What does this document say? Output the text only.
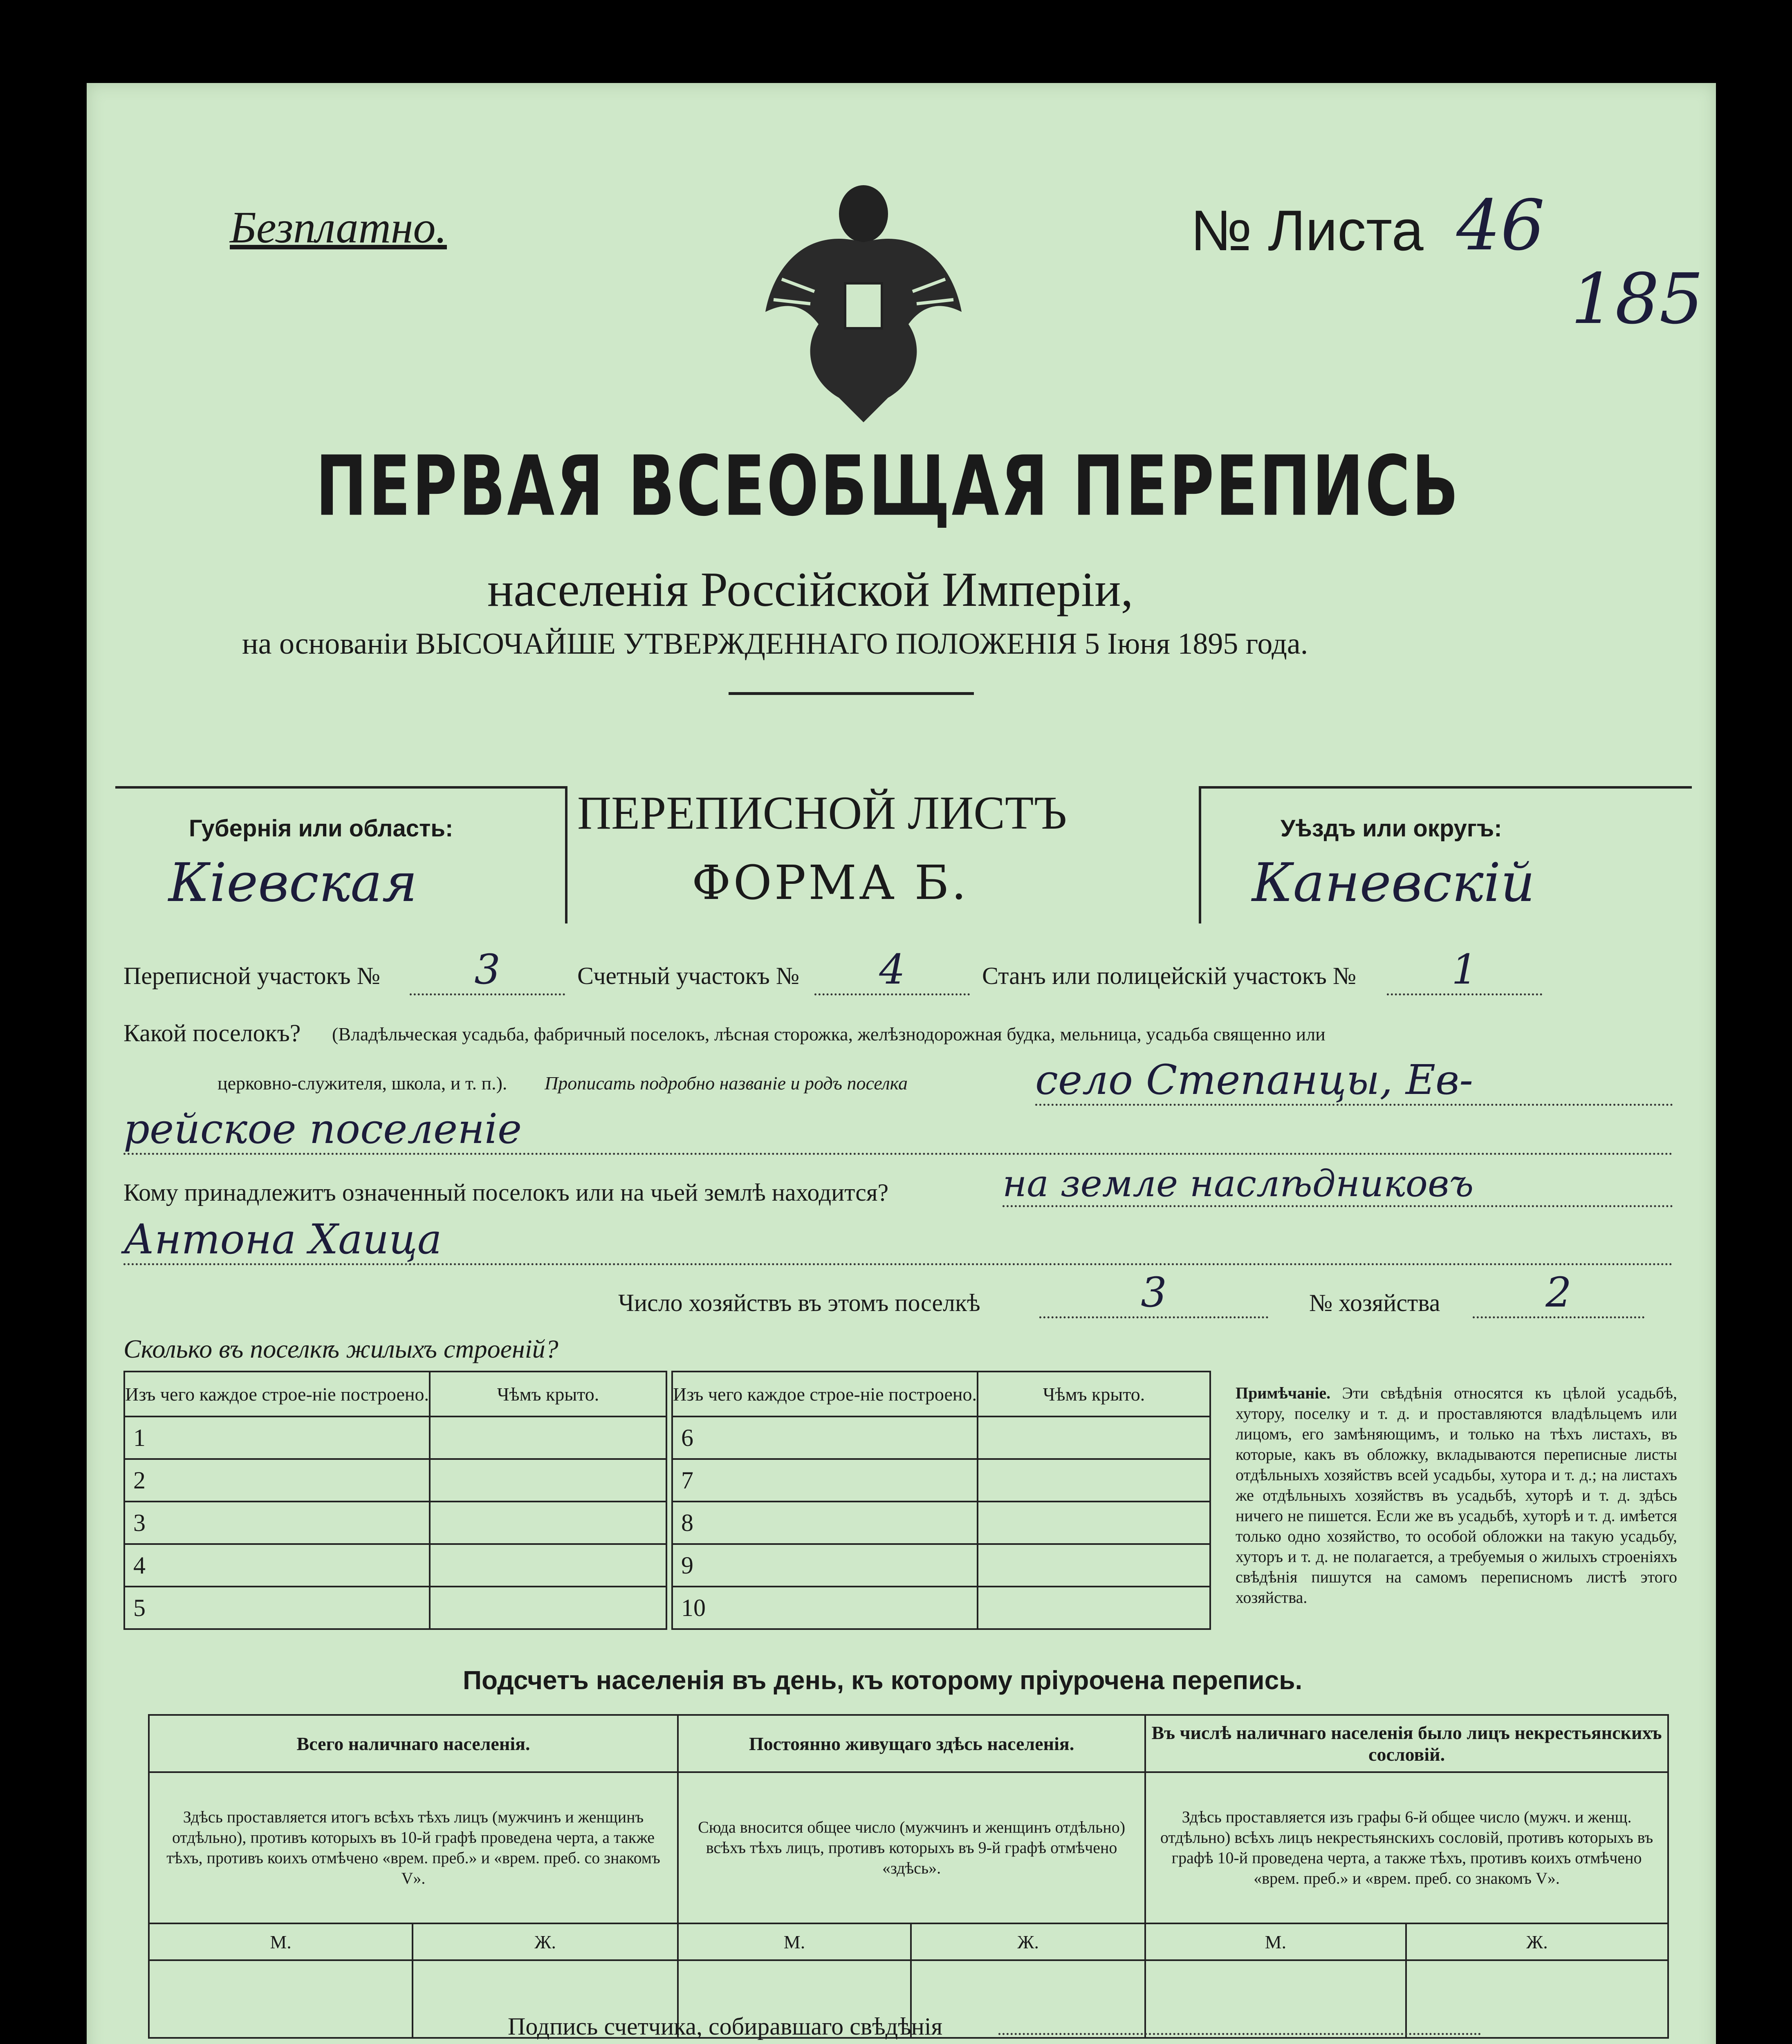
Безплатно.	№ Листа 46
185
ПЕРВАЯ ВСЕОБЩАЯ ПЕРЕПИСЬ
населенія Россійской Имперіи,
на основаніи ВЫСОЧАЙШЕ УТВЕРЖДЕННАГО ПОЛОЖЕНІЯ 5 Іюня 1895 года.
Губернія или область:
Кіевская
ПЕРЕПИСНОЙ ЛИСТЪ
ФОРМА Б.
Уѣздъ или округъ:
Каневскій
Переписной участокъ №	3	Счетный участокъ №	4	Станъ или полицейскій участокъ №	1
Какой поселокъ? (Владѣльческая усадьба, фабричный поселокъ, лѣсная сторожка, желѣзнодорожная будка, мельница, усадьба священно или
церковно-служителя, школа, и т. п.). Прописать подробно названіе и родъ поселка	село Степанцы, Ев-
рейское поселеніе
Кому принадлежитъ означенный поселокъ или на чьей землѣ находится?	на земле наслѣдниковъ
Антона Хаица
Число хозяйствъ въ этомъ поселкѣ	3	№ хозяйства	2
Сколько въ поселкѣ жилыхъ строеній?
Изъ чего каждое строе-ніе построено.	Чѣмъ крыто.
1	
2	
3	
4	
5	
Изъ чего каждое строе-ніе построено.	Чѣмъ крыто.
6	
7	
8	
9	
10	
Примѣчаніе. Эти свѣдѣнія относятся къ цѣлой усадьбѣ, хутору, поселку и т. д. и проставляются владѣльцемъ или лицомъ, его замѣняющимъ, и только на тѣхъ листахъ, въ которые, какъ въ обложку, вкладываются переписные листы отдѣльныхъ хозяйствъ всей усадьбы, хутора и т. д.; на листахъ же отдѣльныхъ хозяйствъ въ усадьбѣ, хуторѣ и т. д. здѣсь ничего не пишется. Если же въ усадьбѣ, хуторѣ и т. д. имѣется только одно хозяйство, то особой обложки на такую усадьбу, хуторъ и т. д. не полагается, а требуемыя о жилыхъ строеніяхъ свѣдѣнія пишутся на самомъ переписномъ листѣ этого хозяйства.
Подсчетъ населенія въ день, къ которому пріурочена перепись.
Всего наличнаго населенія.		Постоянно живущаго здѣсь населенія.		Въ числѣ наличнаго населенія было лицъ некрестьянскихъ сословій.	
Здѣсь проставляется итогъ всѣхъ тѣхъ лицъ (мужчинъ и женщинъ отдѣльно), противъ которыхъ въ 10-й графѣ проведена черта, а также тѣхъ, противъ коихъ отмѣчено «врем. преб.» и «врем. преб. со знакомъ V».		Сюда вносится общее число (мужчинъ и женщинъ отдѣльно) всѣхъ тѣхъ лицъ, противъ которыхъ въ 9-й графѣ отмѣчено «здѣсь».		Здѣсь проставляется изъ графы 6-й общее число (мужч. и женщ. отдѣльно) всѣхъ лицъ некрестьянскихъ сословій, противъ которыхъ въ графѣ 10-й проведена черта, а также тѣхъ, противъ коихъ отмѣчено «врем. преб.» и «врем. преб. со знакомъ V».	
М.	Ж.	М.	Ж.	М.	Ж.

Подпись счетчика, собиравшаго свѣдѣнія
